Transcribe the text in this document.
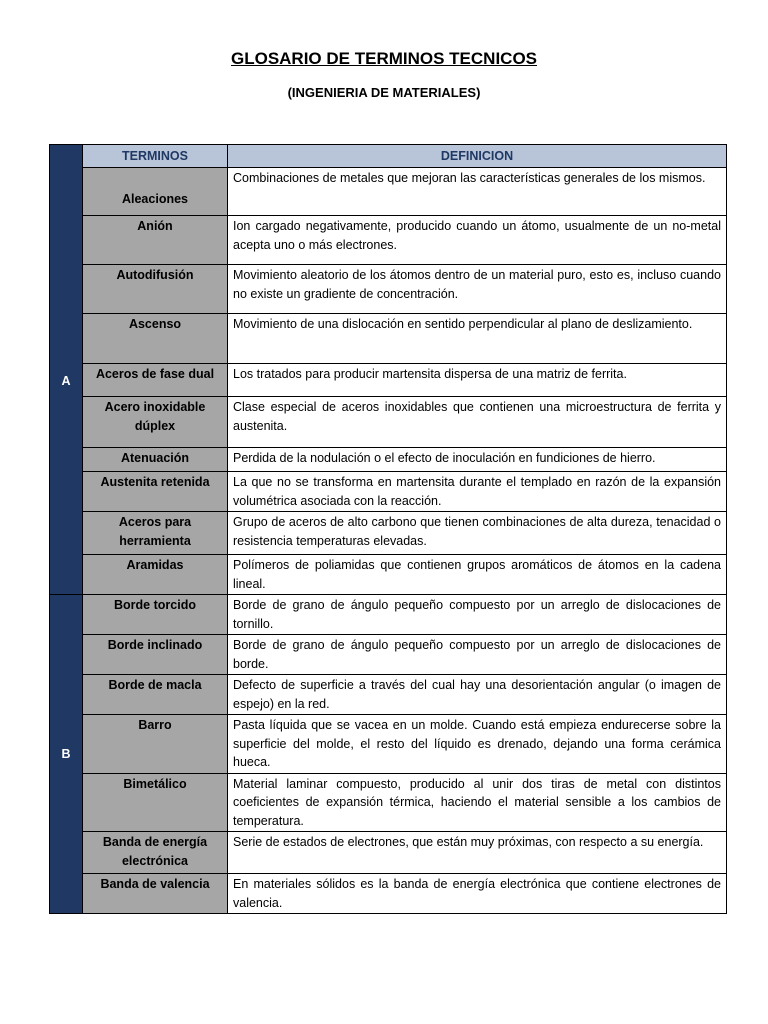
GLOSARIO DE TERMINOS TECNICOS
(INGENIERIA DE MATERIALES)
	TERMINOS	DEFINICION
A	Aleaciones	Combinaciones de metales que mejoran las características generales de los mismos.
	Anión	Ion cargado negativamente, producido cuando un átomo, usualmente de un no-metal acepta uno o más electrones.
	Autodifusión	Movimiento aleatorio de los átomos dentro de un material puro, esto es, incluso cuando no existe un gradiente de concentración.
	Ascenso	Movimiento de una dislocación en sentido perpendicular al plano de deslizamiento.
	Aceros de fase dual	Los tratados para producir martensita dispersa de una matriz de ferrita.
	Acero inoxidable dúplex	Clase especial de aceros inoxidables que contienen una microestructura de ferrita y austenita.
	Atenuación	Perdida de la nodulación o el efecto de inoculación en fundiciones de hierro.
	Austenita retenida	La que no se transforma en martensita durante el templado en razón de la expansión volumétrica asociada con la reacción.
	Aceros para herramienta	Grupo de aceros de alto carbono que tienen combinaciones de alta dureza, tenacidad o resistencia temperaturas elevadas.
	Aramidas	Polímeros de poliamidas que contienen grupos aromáticos de átomos en la cadena lineal.
B	Borde torcido	Borde de grano de ángulo pequeño compuesto por un arreglo de dislocaciones de tornillo.
	Borde inclinado	Borde de grano de ángulo pequeño compuesto por un arreglo de dislocaciones de borde.
	Borde de macla	Defecto de superficie a través del cual hay una desorientación angular (o imagen de espejo) en la red.
	Barro	Pasta líquida que se vacea en un molde. Cuando está empieza endurecerse sobre la superficie del molde, el resto del líquido es drenado, dejando una forma cerámica hueca.
	Bimetálico	Material laminar compuesto, producido al unir dos tiras de metal con distintos coeficientes de expansión térmica, haciendo el material sensible a los cambios de temperatura.
	Banda de energía electrónica	Serie de estados de electrones, que están muy próximas, con respecto a su energía.
	Banda de valencia	En materiales sólidos es la banda de energía electrónica que contiene electrones de valencia.
